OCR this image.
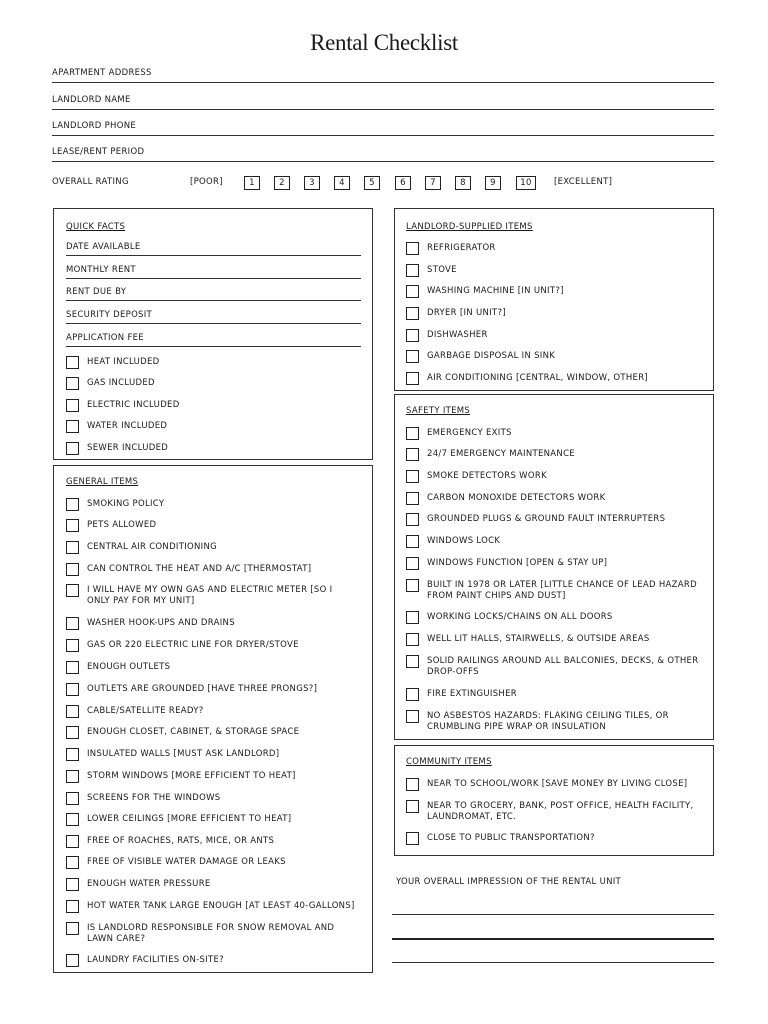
Rental Checklist
APARTMENT ADDRESS
LANDLORD NAME
LANDLORD PHONE
LEASE/RENT PERIOD
OVERALL RATING	[POOR]	1	2	3	4	5	6	7	8	9	10	[EXCELLENT]
QUICK FACTS
DATE AVAILABLE
MONTHLY RENT
RENT DUE BY
SECURITY DEPOSIT
APPLICATION FEE
HEAT INCLUDED
GAS INCLUDED
ELECTRIC INCLUDED
WATER INCLUDED
SEWER INCLUDED
GENERAL ITEMS
SMOKING POLICY
PETS ALLOWED
CENTRAL AIR CONDITIONING
CAN CONTROL THE HEAT AND A/C [THERMOSTAT]
I WILL HAVE MY OWN GAS AND ELECTRIC METER [SO I ONLY PAY FOR MY UNIT]
WASHER HOOK-UPS AND DRAINS
GAS OR 220 ELECTRIC LINE FOR DRYER/STOVE
ENOUGH OUTLETS
OUTLETS ARE GROUNDED [HAVE THREE PRONGS?]
CABLE/SATELLITE READY?
ENOUGH CLOSET, CABINET, & STORAGE SPACE
INSULATED WALLS [MUST ASK LANDLORD]
STORM WINDOWS [MORE EFFICIENT TO HEAT]
SCREENS FOR THE WINDOWS
LOWER CEILINGS [MORE EFFICIENT TO HEAT]
FREE OF ROACHES, RATS, MICE, OR ANTS
FREE OF VISIBLE WATER DAMAGE OR LEAKS
ENOUGH WATER PRESSURE
HOT WATER TANK LARGE ENOUGH [AT LEAST 40-GALLONS]
IS LANDLORD RESPONSIBLE FOR SNOW REMOVAL AND LAWN CARE?
LAUNDRY FACILITIES ON-SITE?
LANDLORD-SUPPLIED ITEMS
REFRIGERATOR
STOVE
WASHING MACHINE [IN UNIT?]
DRYER [IN UNIT?]
DISHWASHER
GARBAGE DISPOSAL IN SINK
AIR CONDITIONING [CENTRAL, WINDOW, OTHER]
SAFETY ITEMS
EMERGENCY EXITS
24/7 EMERGENCY MAINTENANCE
SMOKE DETECTORS WORK
CARBON MONOXIDE DETECTORS WORK
GROUNDED PLUGS & GROUND FAULT INTERRUPTERS
WINDOWS LOCK
WINDOWS FUNCTION [OPEN & STAY UP]
BUILT IN 1978 OR LATER [LITTLE CHANCE OF LEAD HAZARD FROM PAINT CHIPS AND DUST]
WORKING LOCKS/CHAINS ON ALL DOORS
WELL LIT HALLS, STAIRWELLS, & OUTSIDE AREAS
SOLID RAILINGS AROUND ALL BALCONIES, DECKS, & OTHER DROP-OFFS
FIRE EXTINGUISHER
NO ASBESTOS HAZARDS: FLAKING CEILING TILES, OR CRUMBLING PIPE WRAP OR INSULATION
COMMUNITY ITEMS
NEAR TO SCHOOL/WORK [SAVE MONEY BY LIVING CLOSE]
NEAR TO GROCERY, BANK, POST OFFICE, HEALTH FACILITY, LAUNDROMAT, ETC.
CLOSE TO PUBLIC TRANSPORTATION?
YOUR OVERALL IMPRESSION OF THE RENTAL UNIT
